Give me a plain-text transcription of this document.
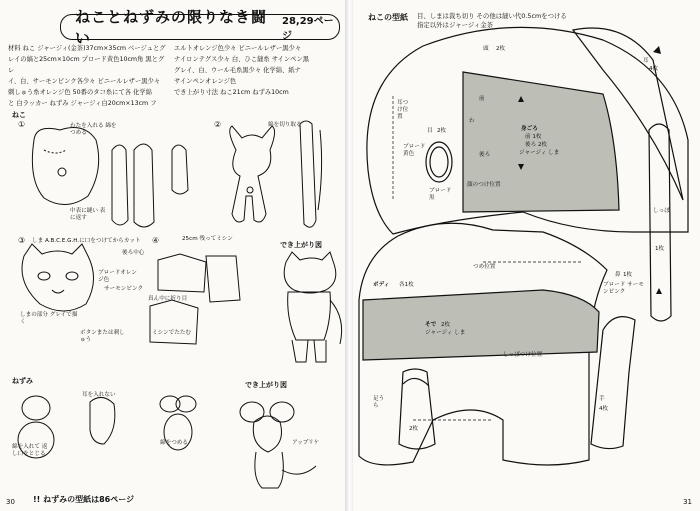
ねことねずみの限りなき闘い
28,29ページ
材料 ねこ ジャージィ(金茶)37cm×35cm ベージュとグ
レイの縞と25cm×10cm プロード黄色10cm角 黒とグレ
イ、白、サーモンピンク各少々 ビニールレザー黒少々
刺しゅう糸オレンジ色 50番のタコ糸にて各 化学綿
と 白ラッカー ねずみ ジャージィ白20cm×13cm フ
エルトオレンジ色少々 ビニールレザー黒少々
ナイロンテグス少々 白、ひこ縫糸 サインペン黒
グレイ、白、ウール毛糸黒少々 化学綿、紙ナ
サインペンオレンジ色
でき上がり寸法 ねこ21cm ねずみ10cm
ねこ
ねずみ
①	②
③	④	でき上がり図
でき上がり図
わたを入れる 綿をつめる
中表に縫い 表に返す
綿を切り取る
しま A.B.C.E.G.H.に口をつけてからカット
後ろ中心
25cm 残ってミシン
しまの部分 グレイで描く
ボタンまたは刺しゅう
耳を入れない
綿を入れて 返し口をとじる
真ん中に折り目
ブロードオレンジ色
サーモンピンク
綿をつめる	アップリケ
ミシンでたたむ
!! ねずみの型紙は86ページ
30
ねこの型紙 目、しまは裁ち切り その他は縫い代0.5cmをつける
指定以外はジャージィ金茶
頭 2枚
耳
4枚
身ごろ
前 1枚
後ろ 2枚
ジャージィ しま
目 2枚
ブロード 黄色
ブロード 黒
しっぽ
1枚
鼻 1枚
ブロード サーモンピンク
ボディ 各1枚
そで 2枚
ジャージィ しま
足うら
2枚
手
4枚
しっぽつけ位置
耳つけ位置
つめ位置
顔のつけ位置
前
後ろ
わ
31
